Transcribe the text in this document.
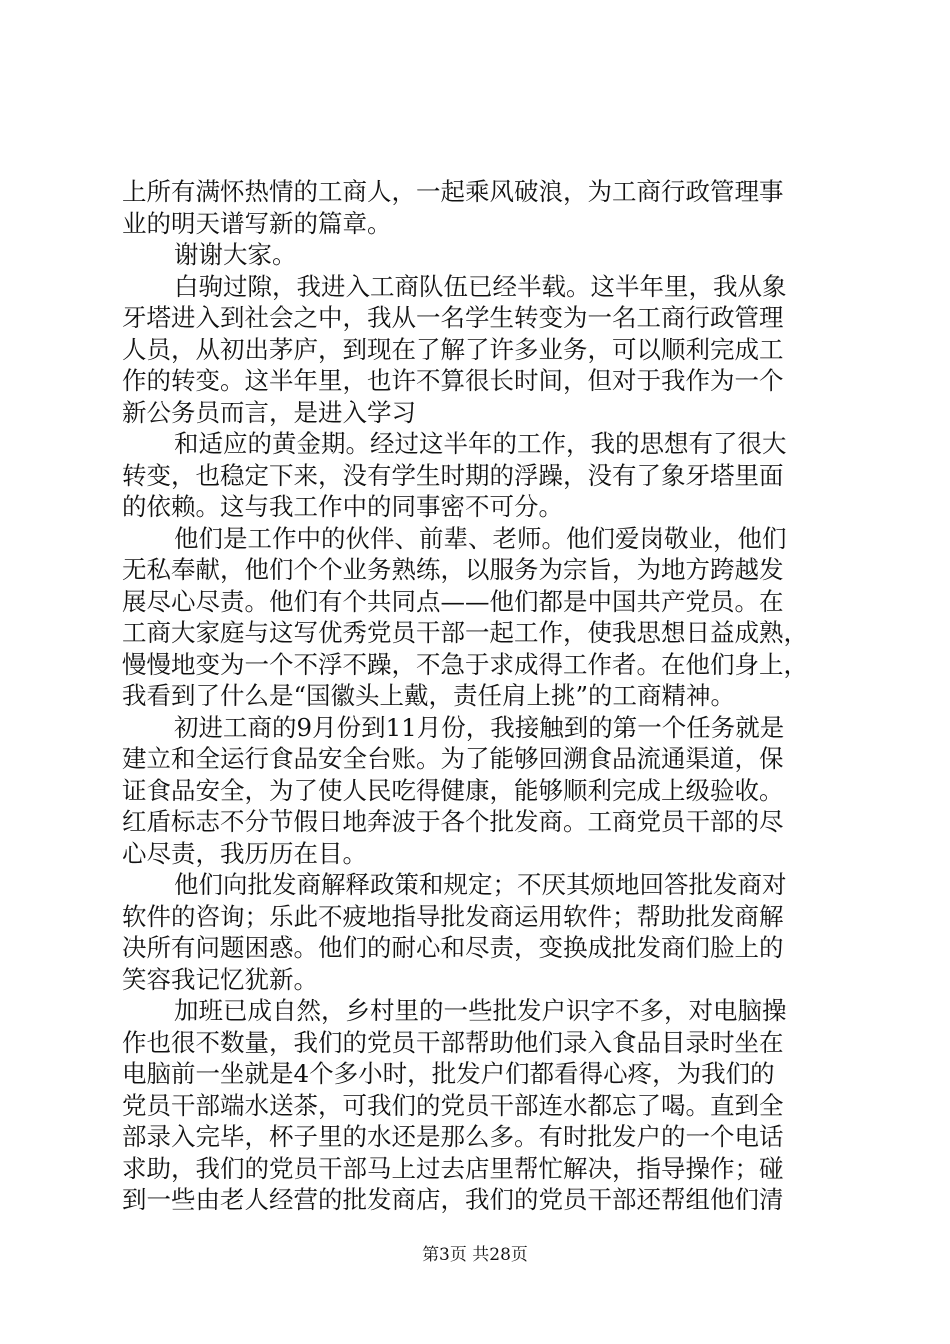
上所有满怀热情的工商人，一起乘风破浪，为工商行政管理事
业的明天谱写新的篇章。
谢谢大家。
白驹过隙，我进入工商队伍已经半载。这半年里，我从象
牙塔进入到社会之中，我从一名学生转变为一名工商行政管理
人员，从初出茅庐，到现在了解了许多业务，可以顺利完成工
作的转变。这半年里，也许不算很长时间，但对于我作为一个
新公务员而言，是进入学习
和适应的黄金期。经过这半年的工作，我的思想有了很大
转变，也稳定下来，没有学生时期的浮躁，没有了象牙塔里面
的依赖。这与我工作中的同事密不可分。
他们是工作中的伙伴、前辈、老师。他们爱岗敬业，他们
无私奉献，他们个个业务熟练，以服务为宗旨，为地方跨越发
展尽心尽责。他们有个共同点——他们都是中国共产党员。在
工商大家庭与这写优秀党员干部一起工作，使我思想日益成熟，
慢慢地变为一个不浮不躁，不急于求成得工作者。在他们身上，
我看到了什么是“国徽头上戴，责任肩上挑”的工商精神。
初进工商的9月份到11月份，我接触到的第一个任务就是
建立和全运行食品安全台账。为了能够回溯食品流通渠道，保
证食品安全，为了使人民吃得健康，能够顺利完成上级验收。
红盾标志不分节假日地奔波于各个批发商。工商党员干部的尽
心尽责，我历历在目。
他们向批发商解释政策和规定；不厌其烦地回答批发商对
软件的咨询；乐此不疲地指导批发商运用软件；帮助批发商解
决所有问题困惑。他们的耐心和尽责，变换成批发商们脸上的
笑容我记忆犹新。
加班已成自然，乡村里的一些批发户识字不多，对电脑操
作也很不数量，我们的党员干部帮助他们录入食品目录时坐在
电脑前一坐就是4个多小时，批发户们都看得心疼，为我们的
党员干部端水送茶，可我们的党员干部连水都忘了喝。直到全
部录入完毕，杯子里的水还是那么多。有时批发户的一个电话
求助，我们的党员干部马上过去店里帮忙解决，指导操作；碰
到一些由老人经营的批发商店，我们的党员干部还帮组他们清
第3页 共28页
